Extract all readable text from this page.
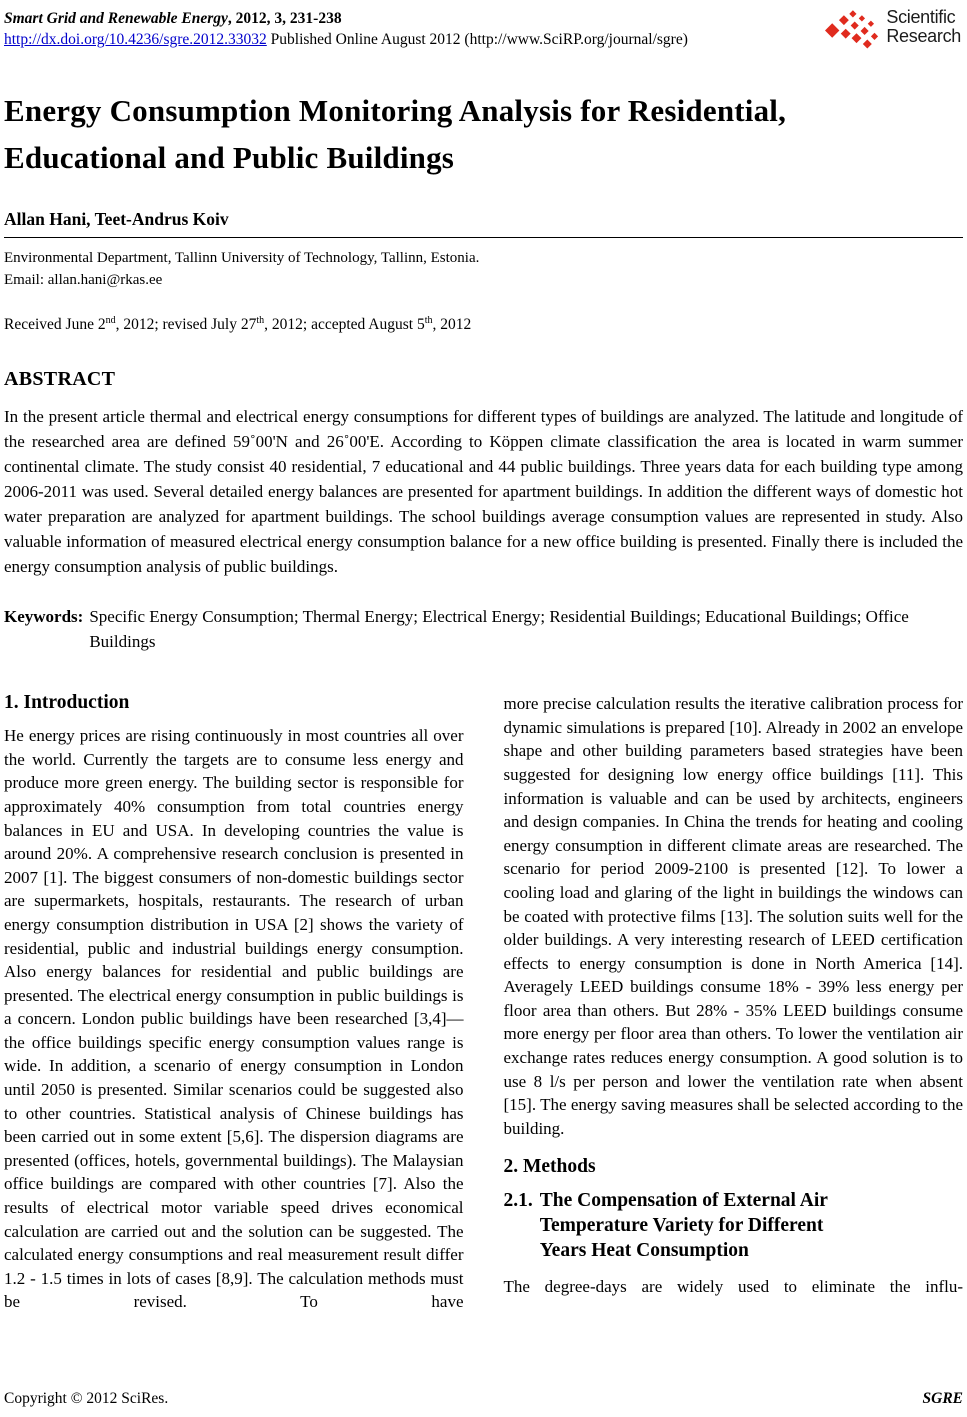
Smart Grid and Renewable Energy, 2012, 3, 231-238
http://dx.doi.org/10.4236/sgre.2012.33032 Published Online August 2012 (http://www.SciRP.org/journal/sgre)
Scientific
Research
Energy Consumption Monitoring Analysis for Residential,
Educational and Public Buildings
Allan Hani, Teet-Andrus Koiv
Environmental Department, Tallinn University of Technology, Tallinn, Estonia.
Email: allan.hani@rkas.ee
Received June 2nd, 2012; revised July 27th, 2012; accepted August 5th, 2012
ABSTRACT
In the present article thermal and electrical energy consumptions for different types of buildings are analyzed. The latitude and longitude of the researched area are defined 59˚00'N and 26˚00'E. According to Köppen climate classification the area is located in warm summer continental climate. The study consist 40 residential, 7 educational and 44 public buildings. Three years data for each building type among 2006-2011 was used. Several detailed energy balances are presented for apartment buildings. In addition the different ways of domestic hot water preparation are analyzed for apartment buildings. The school buildings average consumption values are represented in study. Also valuable information of measured electrical energy consumption balance for a new office building is presented. Finally there is included the energy consumption analysis of public buildings.
Keywords: Specific Energy Consumption; Thermal Energy; Electrical Energy; Residential Buildings; Educational Buildings; Office Buildings
1. Introduction

He energy prices are rising continuously in most countries all over the world. Currently the targets are to consume less energy and produce more green energy. The building sector is responsible for approximately 40% consumption from total countries energy balances in EU and USA. In developing countries the value is around 20%. A comprehensive research conclusion is presented in 2007 [1]. The biggest consumers of non-domestic buildings sector are supermarkets, hospitals, restaurants. The research of urban energy consumption distribution in USA [2] shows the variety of residential, public and industrial buildings energy consumption. Also energy balances for residential and public buildings are presented. The electrical energy consumption in public buildings is a concern. London public buildings have been researched [3,4]—the office buildings specific energy consumption values range is wide. In addition, a scenario of energy consumption in London until 2050 is presented. Similar scenarios could be suggested also to other countries. Statistical analysis of Chinese buildings has been carried out in some extent [5,6]. The dispersion diagrams are presented (offices, hotels, governmental buildings). The Malaysian office buildings are compared with other countries [7]. Also the results of electrical motor variable speed drives economical calculation are carried out and the solution can be suggested. The calculated energy consumptions and real measurement result differ 1.2 - 1.5 times in lots of cases [8,9]. The calculation methods must be revised. To have

more precise calculation results the iterative calibration process for dynamic simulations is prepared [10]. Already in 2002 an envelope shape and other building parameters based strategies have been suggested for designing low energy office buildings [11]. This information is valuable and can be used by architects, engineers and design companies. In China the trends for heating and cooling energy consumption in different climate areas are researched. The scenario for period 2009-2100 is presented [12]. To lower a cooling load and glaring of the light in buildings the windows can be coated with protective films [13]. The solution suits well for the older buildings. A very interesting research of LEED certification effects to energy consumption is done in North America [14]. Averagely LEED buildings consume 18% - 39% less energy per floor area than others. But 28% - 35% LEED buildings consume more energy per floor area than others. To lower the ventilation air exchange rates reduces energy consumption. A good solution is to use 8 l/s per person and lower the ventilation rate when absent [15]. The energy saving measures shall be selected according to the building.

2. Methods
2.1. The Compensation of External Air Temperature Variety for Different Years Heat Consumption

The degree-days are widely used to eliminate the influ-

Copyright © 2012 SciRes.	SGRE
